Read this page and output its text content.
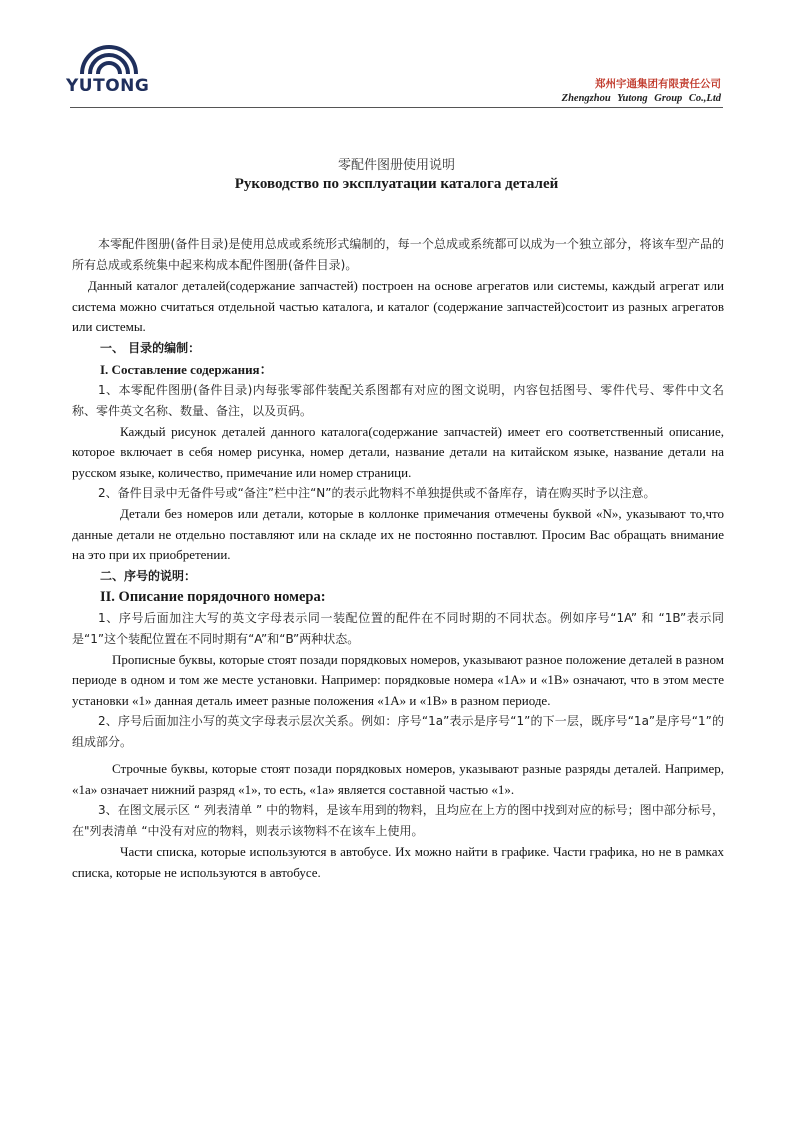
YUTONG	郑州宇通集团有限责任公司
Zhengzhou Yutong Group Co.,Ltd
零配件图册使用说明
Руководство по эксплуатации каталога деталей

本零配件图册(备件目录)是使用总成或系统形式编制的，每一个总成或系统都可以成为一个独立部分，将该车型产品的所有总成或系统集中起来构成本配件图册(备件目录)。

Данный каталог деталей(содержание запчастей) построен на основе агрегатов или системы, каждый агрегат или система можно считаться отдельной частью каталога, и каталог (содержание запчастей)состоит из разных агрегатов или системы.

一、 目录的编制：

I. Составление содержания：

1、本零配件图册(备件目录)内每张零部件装配关系图都有对应的图文说明，内容包括图号、零件代号、零件中文名称、零件英文名称、数量、备注，以及页码。

Каждый рисунок деталей данного каталога(содержание запчастей) имеет его соответственный описание, которое включает в себя номер рисунка, номер детали, название детали на китайском языке, название детали на русском языке, количество, примечание или номер страници.

2、备件目录中无备件号或“备注”栏中注“N”的表示此物料不单独提供或不备库存，请在购买时予以注意。

Детали без номеров или детали, которые в коллонке примечания отмечены буквой «N», указывают то,что данные детали не отдельно поставляют или на складе их не постоянно поставлют. Просим Вас обращать внимание на это при их приобретении.

二、序号的说明：

II. Описание порядочного номера:

1、序号后面加注大写的英文字母表示同一装配位置的配件在不同时期的不同状态。例如序号“1A” 和 “1B”表示同是“1”这个装配位置在不同时期有“A”和“B”两种状态。

Прописные буквы, которые стоят позади порядковых номеров, указывают разное положение деталей в разном периоде в одном и том же месте установки. Например: порядковые номера «1A» и «1B» означают, что в этом месте установки «1» данная деталь имеет разные положения «1A» и «1B» в разном периоде.

2、序号后面加注小写的英文字母表示层次关系。例如：序号“1a”表示是序号“1”的下一层，既序号“1a”是序号“1”的组成部分。

Строчные буквы, которые стоят позади порядковых номеров, указывают разные разряды деталей. Например, «1a» означает нижний разряд «1», то есть, «1a» является составной частью «1».

3、在图文展示区 “ 列表清单 ” 中的物料，是该车用到的物料，且均应在上方的图中找到对应的标号；图中部分标号，在"列表清单 “中没有对应的物料，则表示该物料不在该车上使用。

Части списка, которые используются в автобусе. Их можно найти в графике. Части графика, но не в рамках списка, которые не используются в автобусе.
